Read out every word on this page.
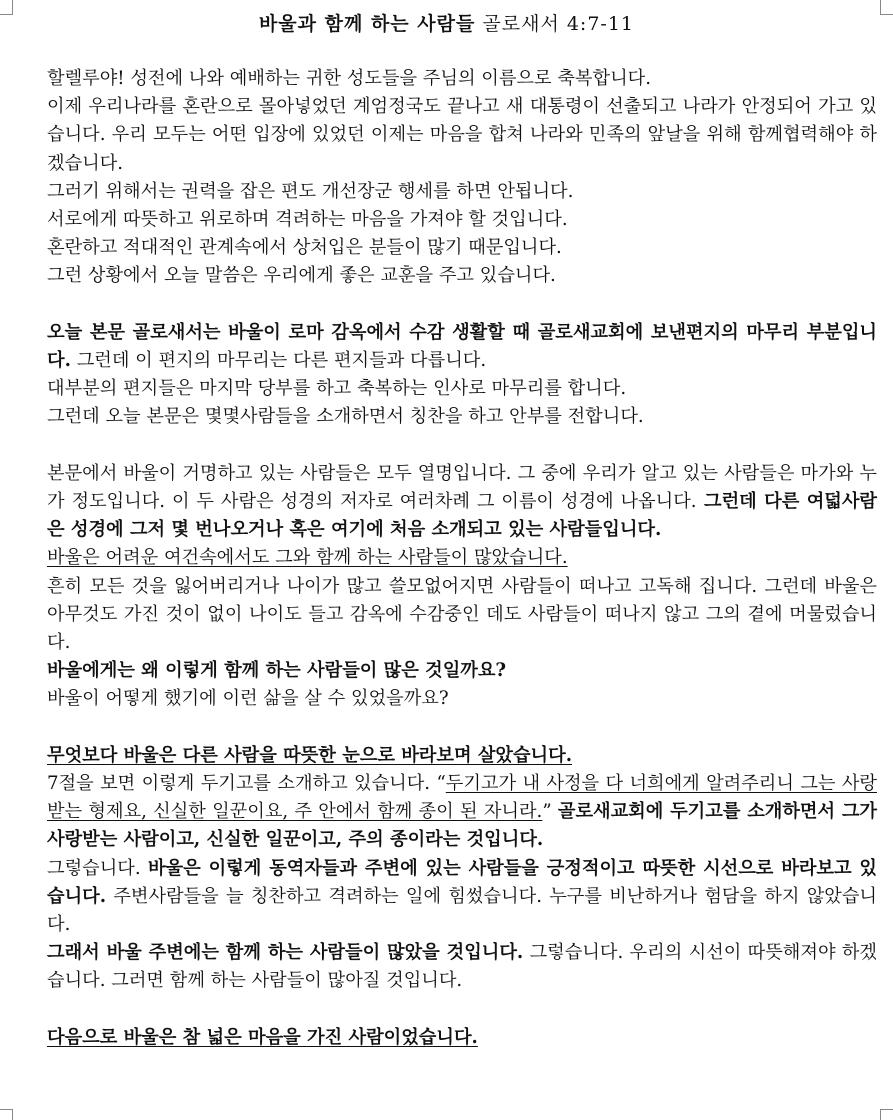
바울과 함께 하는 사람들 골로새서 4:7-11

할렐루야! 성전에 나와 예배하는 귀한 성도들을 주님의 이름으로 축복합니다.

이제 우리나라를 혼란으로 몰아넣었던 계엄정국도 끝나고 새 대통령이 선출되고 나라가 안정되어 가고 있습니다. 우리 모두는 어떤 입장에 있었던 이제는 마음을 합쳐 나라와 민족의 앞날을 위해 함께협력해야 하겠습니다.

그러기 위해서는 권력을 잡은 편도 개선장군 행세를 하면 안됩니다.

서로에게 따뜻하고 위로하며 격려하는 마음을 가져야 할 것입니다.

혼란하고 적대적인 관계속에서 상처입은 분들이 많기 때문입니다.

그런 상황에서 오늘 말씀은 우리에게 좋은 교훈을 주고 있습니다.

오늘 본문 골로새서는 바울이 로마 감옥에서 수감 생활할 때 골로새교회에 보낸편지의 마무리 부분입니다. 그런데 이 편지의 마무리는 다른 편지들과 다릅니다.

대부분의 편지들은 마지막 당부를 하고 축복하는 인사로 마무리를 합니다.

그런데 오늘 본문은 몇몇사람들을 소개하면서 칭찬을 하고 안부를 전합니다.

본문에서 바울이 거명하고 있는 사람들은 모두 열명입니다. 그 중에 우리가 알고 있는 사람들은 마가와 누가 정도입니다. 이 두 사람은 성경의 저자로 여러차례 그 이름이 성경에 나옵니다. 그런데 다른 여덟사람은 성경에 그저 몇 번나오거나 혹은 여기에 처음 소개되고 있는 사람들입니다.

바울은 어려운 여건속에서도 그와 함께 하는 사람들이 많았습니다.

흔히 모든 것을 잃어버리거나 나이가 많고 쓸모없어지면 사람들이 떠나고 고독해 집니다. 그런데 바울은 아무것도 가진 것이 없이 나이도 들고 감옥에 수감중인 데도 사람들이 떠나지 않고 그의 곁에 머물렀습니다.

바울에게는 왜 이렇게 함께 하는 사람들이 많은 것일까요?

바울이 어떻게 했기에 이런 삶을 살 수 있었을까요?

무엇보다 바울은 다른 사람을 따뜻한 눈으로 바라보며 살았습니다.

7절을 보면 이렇게 두기고를 소개하고 있습니다. “두기고가 내 사정을 다 너희에게 알려주리니 그는 사랑받는 형제요, 신실한 일꾼이요, 주 안에서 함께 종이 된 자니라.” 골로새교회에 두기고를 소개하면서 그가 사랑받는 사람이고, 신실한 일꾼이고, 주의 종이라는 것입니다.

그렇습니다. 바울은 이렇게 동역자들과 주변에 있는 사람들을 긍정적이고 따뜻한 시선으로 바라보고 있습니다. 주변사람들을 늘 칭찬하고 격려하는 일에 힘썼습니다. 누구를 비난하거나 험담을 하지 않았습니다.

그래서 바울 주변에는 함께 하는 사람들이 많았을 것입니다. 그렇습니다. 우리의 시선이 따뜻해져야 하겠습니다. 그러면 함께 하는 사람들이 많아질 것입니다.

다음으로 바울은 참 넓은 마음을 가진 사람이었습니다.
